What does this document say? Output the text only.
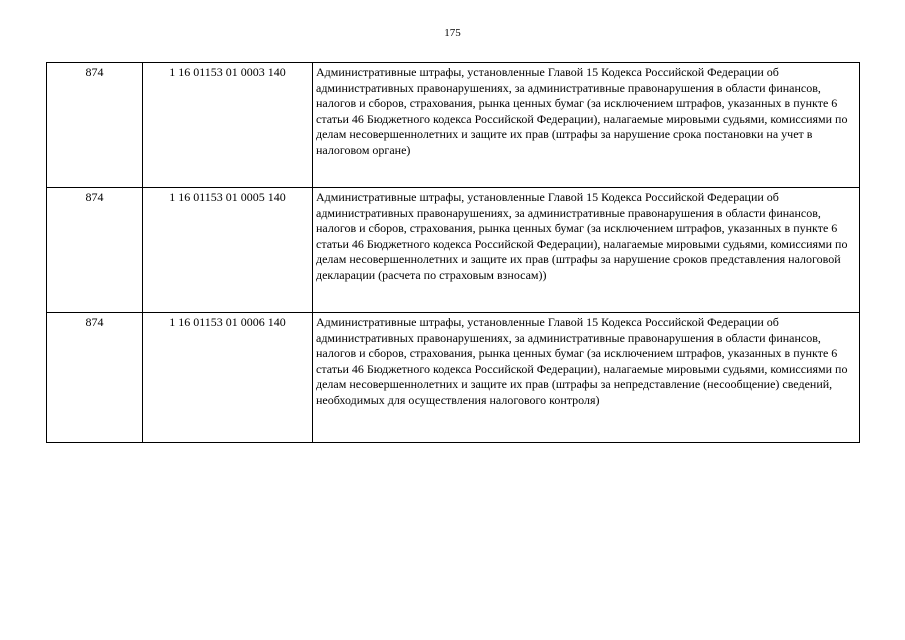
175
874	1 16 01153 01 0003 140	Административные штрафы, установленные Главой 15 Кодекса Российской Федерации об административных правонарушениях, за административные правонарушения в области финансов, налогов и сборов, страхования, рынка ценных бумаг (за исключением штрафов, указанных в пункте 6 статьи 46 Бюджетного кодекса Российской Федерации), налагаемые мировыми судьями, комиссиями по делам несовершеннолетних и защите их прав (штрафы за нарушение срока постановки на учет в налоговом органе)
874	1 16 01153 01 0005 140	Административные штрафы, установленные Главой 15 Кодекса Российской Федерации об административных правонарушениях, за административные правонарушения в области финансов, налогов и сборов, страхования, рынка ценных бумаг (за исключением штрафов, указанных в пункте 6 статьи 46 Бюджетного кодекса Российской Федерации), налагаемые мировыми судьями, комиссиями по делам несовершеннолетних и защите их прав (штрафы за нарушение сроков представления налоговой декларации (расчета по страховым взносам))
874	1 16 01153 01 0006 140	Административные штрафы, установленные Главой 15 Кодекса Российской Федерации об административных правонарушениях, за административные правонарушения в области финансов, налогов и сборов, страхования, рынка ценных бумаг (за исключением штрафов, указанных в пункте 6 статьи 46 Бюджетного кодекса Российской Федерации), налагаемые мировыми судьями, комиссиями по делам несовершеннолетних и защите их прав (штрафы за непредставление (несообщение) сведений, необходимых для осуществления налогового контроля)
